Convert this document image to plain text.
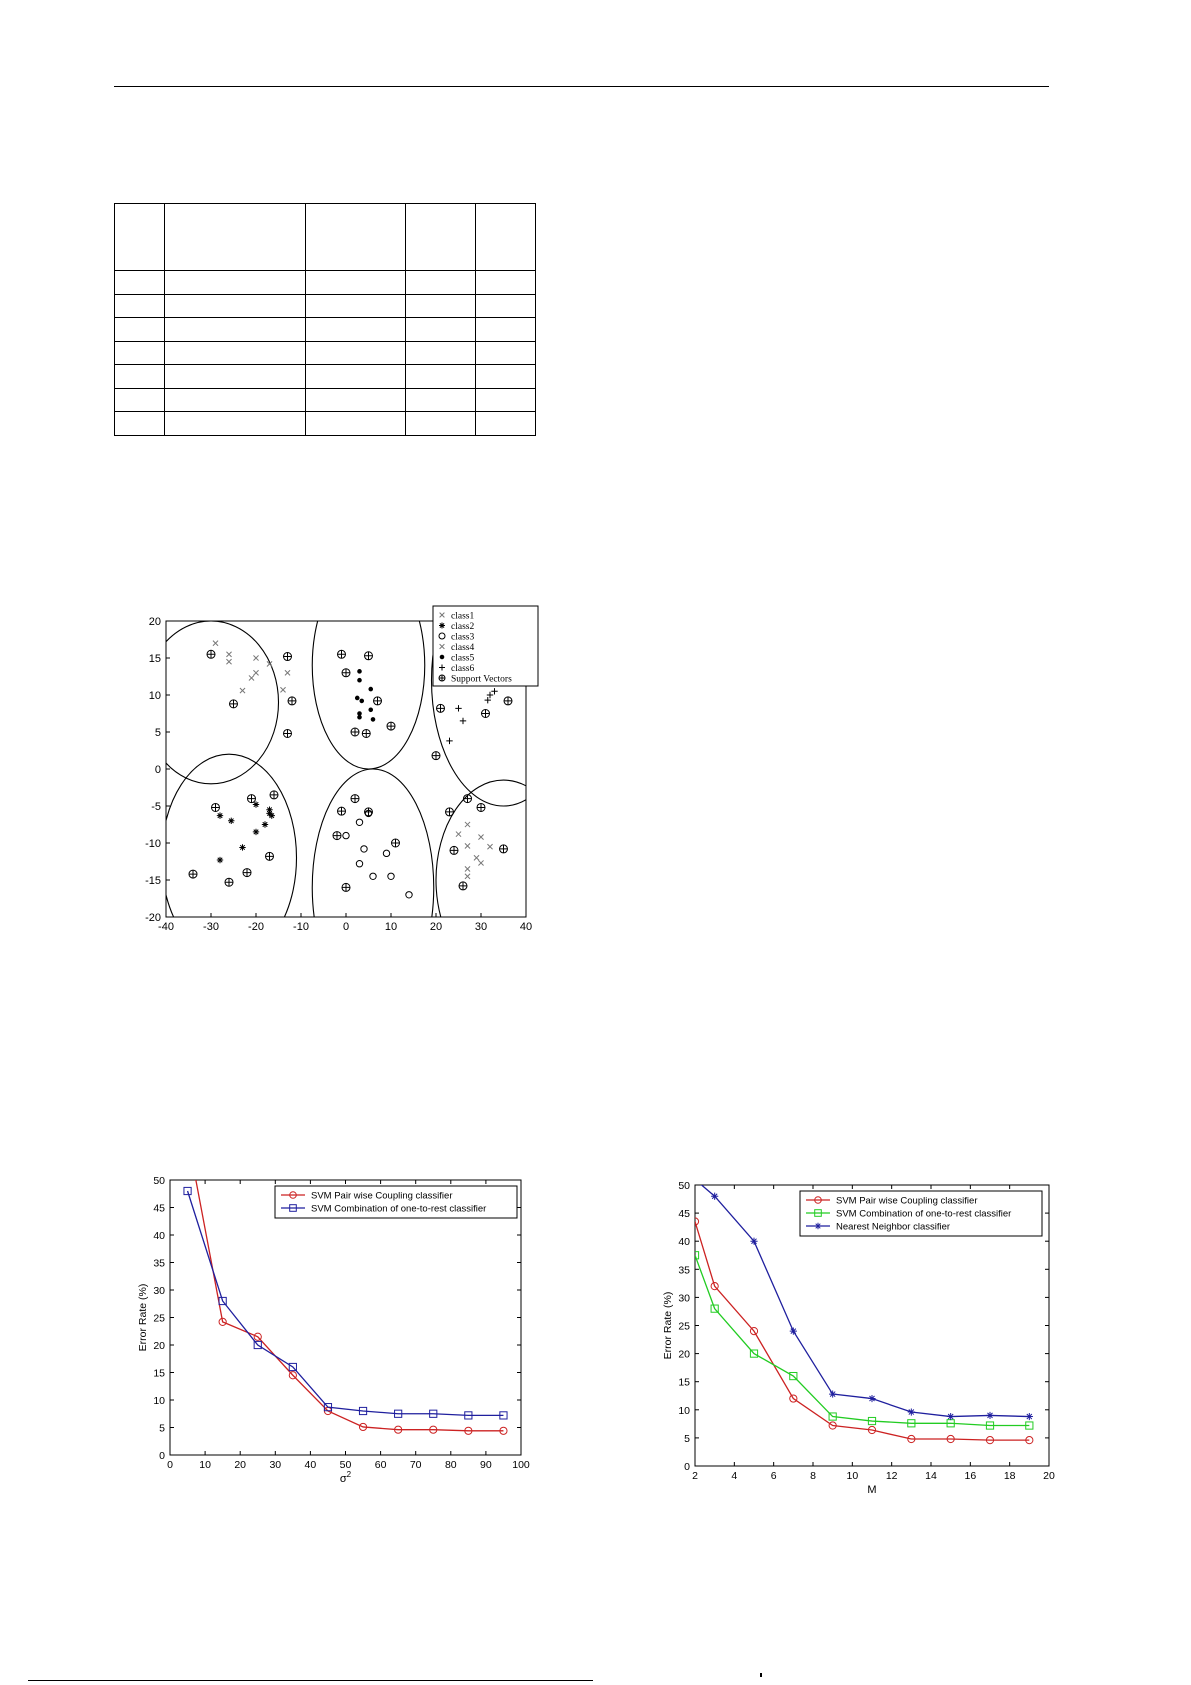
-40	-30	-20	-10	0	10	20	30	40
-20
-15
-10
-5
0
5
10
15
20	class1
class2
class3
class4
class5
class6
Support Vectors
0	10 20 30 40 50 60 70 80 90 100
0
5
10
15
20
25
30
35
40
45
50
$\sigma^2$
Error Rate (%)
SVM Pair wise Coupling classifier
SVM Combination of one-to-rest classifier
2	4	6	8	10	12	14	16	18	20
0
5
10
15
20
25
30
35
40
45
50
M
Error Rate (%)
SVM Pair wise Coupling classifier
SVM Combination of one-to-rest classifier
Nearest Neighbor classifier
